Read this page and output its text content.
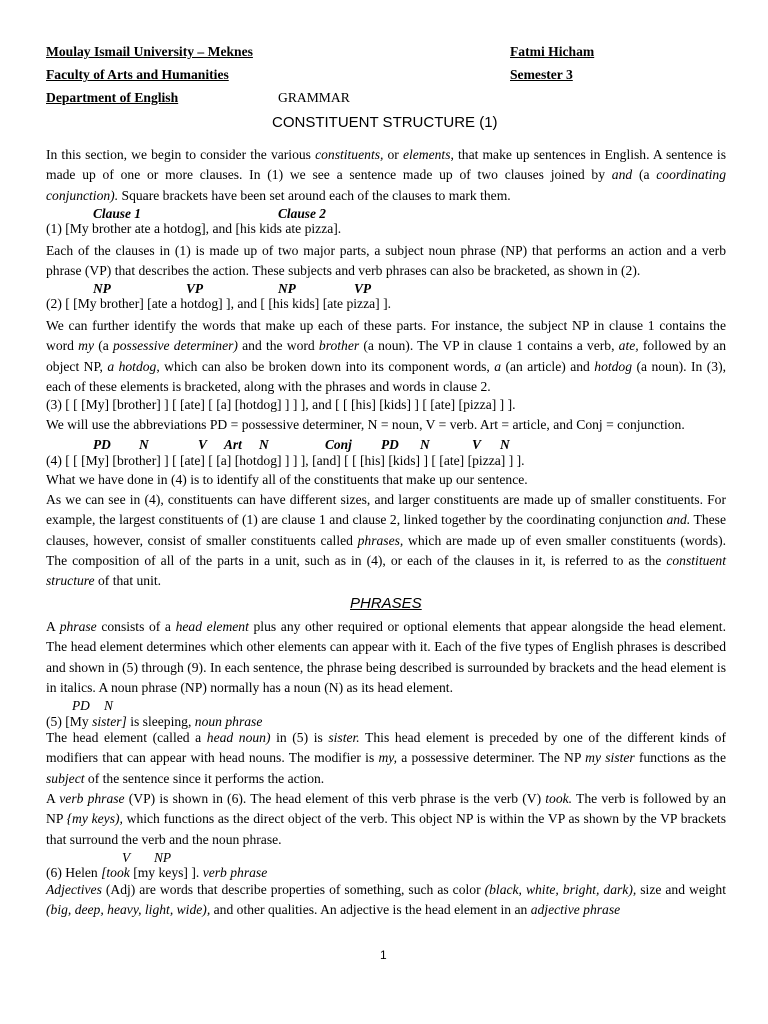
Moulay Ismail University – Meknes
Faculty of Arts and Humanities
Department of English	GRAMMAR
Fatmi Hicham
Semester 3
CONSTITUENT STRUCTURE (1)
In this section, we begin to consider the various constituents, or elements, that make up sentences in English. A sentence is made up of one or more clauses. In (1) we see a sentence made up of two clauses joined by and (a coordinating conjunction). Square brackets have been set around each of the clauses to mark them.
Clause 1	Clause 2
(1) [My brother ate a hotdog], and [his kids ate pizza].
Each of the clauses in (1) is made up of two major parts, a subject noun phrase (NP) that performs an action and a verb phrase (VP) that describes the action. These subjects and verb phrases can also be bracketed, as shown in (2).
NP	VP	NP	VP
(2) [ [My brother] [ate a hotdog] ], and [ [his kids] [ate pizza] ].
We can further identify the words that make up each of these parts. For instance, the subject NP in clause 1 contains the word my (a possessive determiner) and the word brother (a noun). The VP in clause 1 contains a verb, ate, followed by an object NP, a hotdog, which can also be broken down into its component words, a (an article) and hotdog (a noun). In (3), each of these elements is bracketed, along with the phrases and words in clause 2.
(3) [ [ [My] [brother] ] [ [ate] [ [a] [hotdog] ] ] ], and [ [ [his] [kids] ] [ [ate] [pizza] ] ].
We will use the abbreviations PD = possessive determiner, N = noun, V = verb. Art = article, and Conj = conjunction.
PD N	V Art N	Conj PD N	V N
(4) [ [ [My] [brother] ] [ [ate] [ [a] [hotdog] ] ] ], [and] [ [ [his] [kids] ] [ [ate] [pizza] ] ].
What we have done in (4) is to identify all of the constituents that make up our sentence.
As we can see in (4), constituents can have different sizes, and larger constituents are made up of smaller constituents. For example, the largest constituents of (1) are clause 1 and clause 2, linked together by the coordinating conjunction and. These clauses, however, consist of smaller constituents called phrases, which are made up of even smaller constituents (words). The composition of all of the parts in a unit, such as in (4), or each of the clauses in it, is referred to as the constituent structure of that unit.
PHRASES
A phrase consists of a head element plus any other required or optional elements that appear alongside the head element. The head element determines which other elements can appear with it. Each of the five types of English phrases is described and shown in (5) through (9). In each sentence, the phrase being described is surrounded by brackets and the head element is in italics. A noun phrase (NP) normally has a noun (N) as its head element.
PD N
(5) [My sister] is sleeping, noun phrase
The head element (called a head noun) in (5) is sister. This head element is preceded by one of the different kinds of modifiers that can appear with head nouns. The modifier is my, a possessive determiner. The NP my sister functions as the subject of the sentence since it performs the action.
A verb phrase (VP) is shown in (6). The head element of this verb phrase is the verb (V) took. The verb is followed by an NP {my keys), which functions as the direct object of the verb. This object NP is within the VP as shown by the VP brackets that surround the verb and the noun phrase.
V NP
(6) Helen [took [my keys] ]. verb phrase
Adjectives (Adj) are words that describe properties of something, such as color (black, white, bright, dark), size and weight (big, deep, heavy, light, wide), and other qualities. An adjective is the head element in an adjective phrase
1
